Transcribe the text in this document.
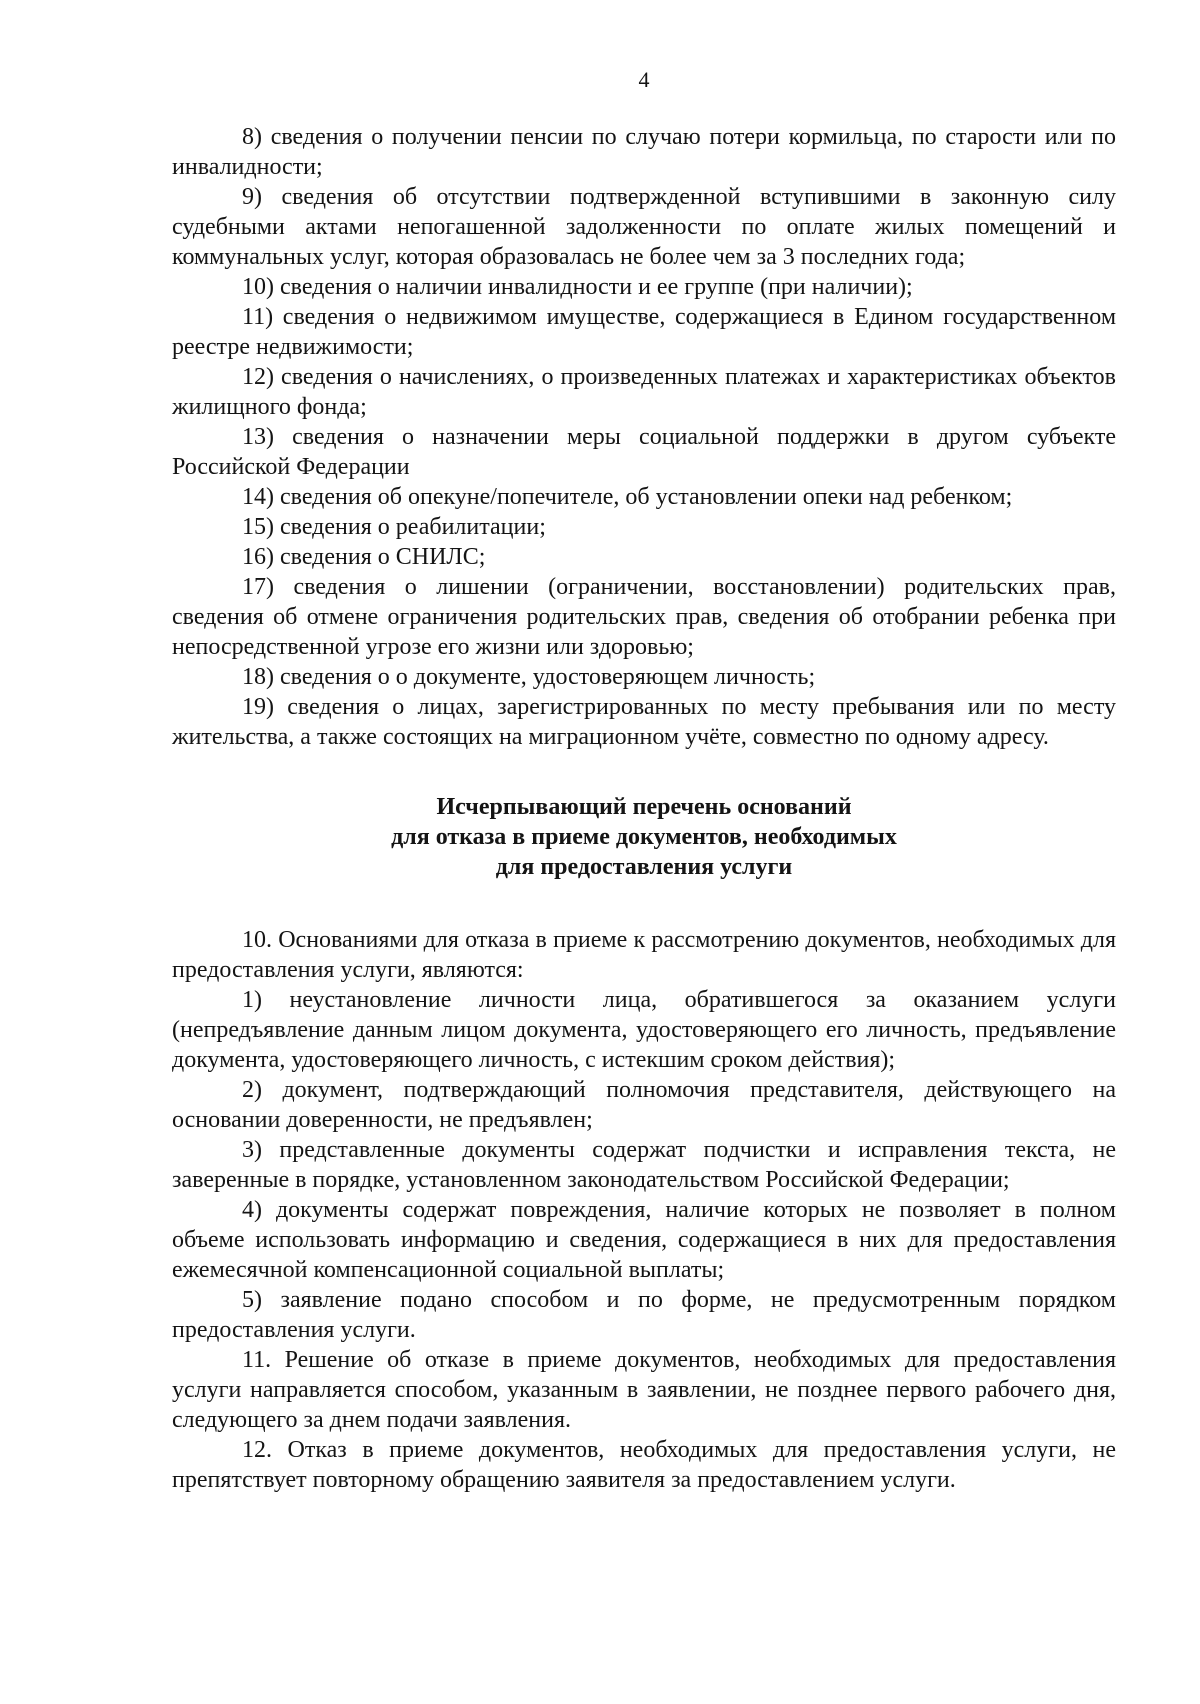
4

8) сведения о получении пенсии по случаю потери кормильца, по старости или по инвалидности;

9) сведения об отсутствии подтвержденной вступившими в законную силу судебными актами непогашенной задолженности по оплате жилых помещений и коммунальных услуг, которая образовалась не более чем за 3 последних года;

10) сведения о наличии инвалидности и ее группе (при наличии);

11) сведения о недвижимом имуществе, содержащиеся в Едином государственном реестре недвижимости;

12) сведения о начислениях, о произведенных платежах и характеристиках объектов жилищного фонда;

13) сведения о назначении меры социальной поддержки в другом субъекте Российской Федерации

14) сведения об опекуне/попечителе, об установлении опеки над ребенком;

15) сведения о реабилитации;

16) сведения о СНИЛС;

17) сведения о лишении (ограничении, восстановлении) родительских прав, сведения об отмене ограничения родительских прав, сведения об отобрании ребенка при непосредственной угрозе его жизни или здоровью;

18) сведения о о документе, удостоверяющем личность;

19) сведения о лицах, зарегистрированных по месту пребывания или по месту жительства, а также состоящих на миграционном учёте, совместно по одному адресу.

Исчерпывающий перечень оснований
для отказа в приеме документов, необходимых
для предоставления услуги

10. Основаниями для отказа в приеме к рассмотрению документов, необходимых для предоставления услуги, являются:

1) неустановление личности лица, обратившегося за оказанием услуги (непредъявление данным лицом документа, удостоверяющего его личность, предъявление документа, удостоверяющего личность, с истекшим сроком действия);

2) документ, подтверждающий полномочия представителя, действующего на основании доверенности, не предъявлен;

3) представленные документы содержат подчистки и исправления текста, не заверенные в порядке, установленном законодательством Российской Федерации;

4) документы содержат повреждения, наличие которых не позволяет в полном объеме использовать информацию и сведения, содержащиеся в них для предоставления ежемесячной компенсационной социальной выплаты;

5) заявление подано способом и по форме, не предусмотренным порядком предоставления услуги.

11. Решение об отказе в приеме документов, необходимых для предоставления услуги направляется способом, указанным в заявлении, не позднее первого рабочего дня, следующего за днем подачи заявления.

12. Отказ в приеме документов, необходимых для предоставления услуги, не препятствует повторному обращению заявителя за предоставлением услуги.
